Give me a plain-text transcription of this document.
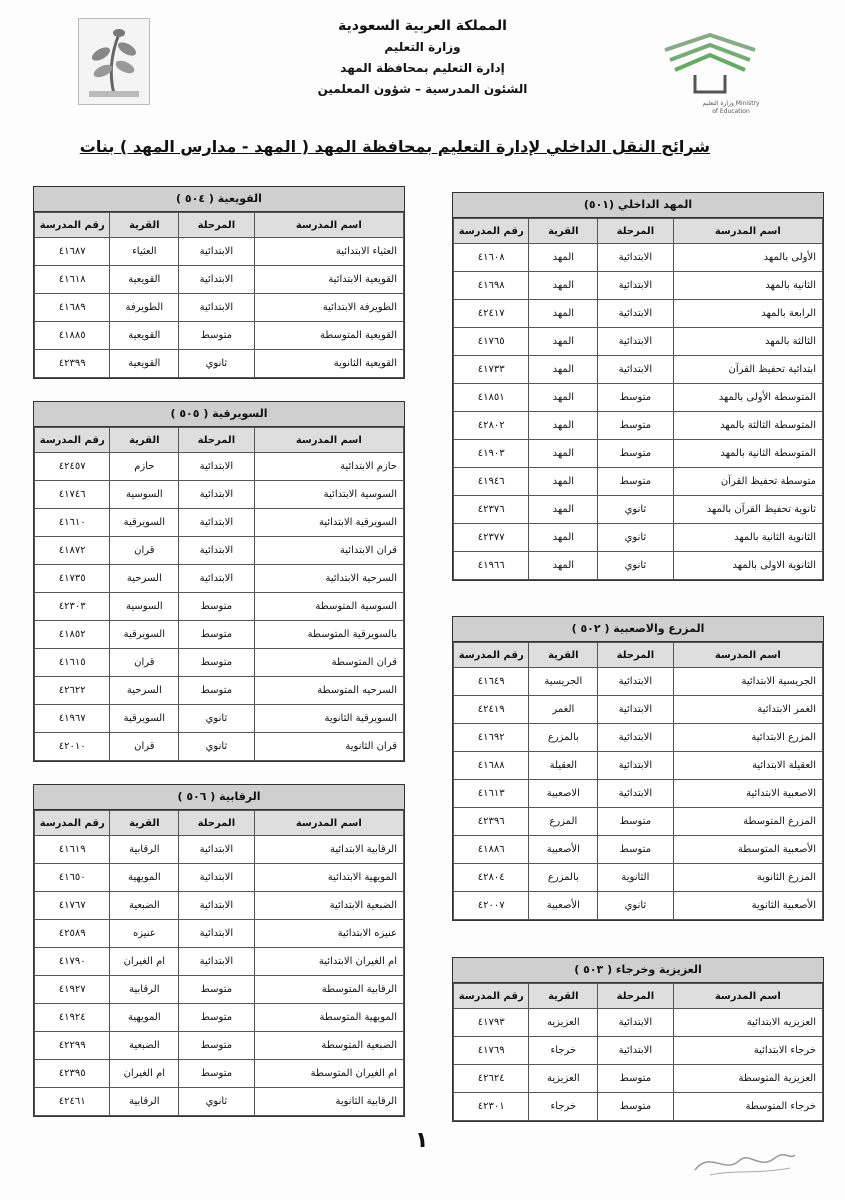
المملكة العربية السعودية
وزارة التعليم
إدارة التعليم بمحافظة المهد
الشئون المدرسية – شؤون المعلمين
وزارة التعليم Ministry of Education
شرائح النقل الداخلي لإدارة التعليم بمحافظة المهد ( المهد - مدارس المهد ) بنات
المهد الداخلي (٥٠١)
اسم المدرسة	المرحلة	القرية	رقم المدرسة
الأولى بالمهد	الابتدائية	المهد	٤١٦٠٨
الثانية بالمهد	الابتدائية	المهد	٤١٦٩٨
الرابعة بالمهد	الابتدائية	المهد	٤٢٤١٧
الثالثة بالمهد	الابتدائية	المهد	٤١٧٦٥
ابتدائية تحفيظ القرآن	الابتدائية	المهد	٤١٧٣٣
المتوسطة الأولى بالمهد	متوسط	المهد	٤١٨٥١
المتوسطة الثالثة بالمهد	متوسط	المهد	٤٢٨٠٢
المتوسطة الثانية بالمهد	متوسط	المهد	٤١٩٠٣
متوسطة تحفيظ القرآن	متوسط	المهد	٤١٩٤٦
ثانوية تحفيظ القرآن بالمهد	ثانوي	المهد	٤٢٣٧٦
الثانوية الثانية بالمهد	ثانوي	المهد	٤٢٣٧٧
الثانوية الاولى بالمهد	ثانوي	المهد	٤١٩٦٦
القويعية ( ٥٠٤ )
اسم المدرسة	المرحلة	القرية	رقم المدرسة
العثياء الابتدائية	الابتدائية	العثياء	٤١٦٨٧
القويعية الابتدائية	الابتدائية	القويعية	٤١٦١٨
الطويرفة الابتدائية	الابتدائية	الطويرفة	٤١٦٨٩
القويعية المتوسطة	متوسط	القويعية	٤١٨٨٥
القويعية الثانوية	ثانوي	القويعية	٤٢٣٩٩
السويرقية ( ٥٠٥ )
اسم المدرسة	المرحلة	القرية	رقم المدرسة
حازم الابتدائية	الابتدائية	حازم	٤٢٤٥٧
السوسية الابتدائية	الابتدائية	السوسية	٤١٧٤٦
السويرقية الابتدائية	الابتدائية	السويرقية	٤١٦١٠
قران الابتدائية	الابتدائية	قران	٤١٨٧٢
السرحية الابتدائية	الابتدائية	السرحية	٤١٧٣٥
السوسية المتوسطة	متوسط	السوسية	٤٢٣٠٣
بالسويرقية المتوسطة	متوسط	السويرقية	٤١٨٥٢
قران المتوسطة	متوسط	قران	٤١٦١٥
السرحيه المتوسطة	متوسط	السرحية	٤٢٦٢٢
السويرقية الثانوية	ثانوي	السويرقية	٤١٩٦٧
قران الثانوية	ثانوي	قران	٤٢٠١٠
المزرع والاصعبية ( ٥٠٢ )
اسم المدرسة	المرحلة	القرية	رقم المدرسة
الجريسية الابتدائية	الابتدائية	الجريسية	٤١٦٤٩
الغمر الابتدائية	الابتدائية	الغمر	٤٢٤١٩
المزرع الابتدائية	الابتدائية	بالمزرع	٤١٦٩٢
العقيلة الابتدائية	الابتدائية	العقيلة	٤١٦٨٨
الاصعبية الابتدائية	الابتدائية	الاصعبية	٤١٦١٣
المزرع المتوسطة	متوسط	المزرع	٤٢٣٩٦
الأصعبية المتوسطة	متوسط	الأصعبية	٤١٨٨٦
المزرع الثانوية	الثانوية	بالمزرع	٤٢٨٠٤
الأصعبية الثانوية	ثانوي	الأصعبية	٤٢٠٠٧
الرقابية ( ٥٠٦ )
اسم المدرسة	المرحلة	القرية	رقم المدرسة
الرقابية الابتدائية	الابتدائية	الرقابية	٤١٦١٩
المويهية الابتدائية	الابتدائية	المويهية	٤١٦٥٠
الضبعية الابتدائية	الابتدائية	الضبعية	٤١٧٦٧
عنيزه الابتدائية	الابتدائية	عنيزه	٤٢٥٨٩
ام الغيران الابتدائية	الابتدائية	ام الغيران	٤١٧٩٠
الرقابية المتوسطة	متوسط	الرقابية	٤١٩٢٧
المويهية المتوسطة	متوسط	المويهية	٤١٩٢٤
الضبعية المتوسطة	متوسط	الضبعية	٤٢٢٩٩
ام الغيران المتوسطة	متوسط	ام الغيران	٤٢٣٩٥
الرقابية الثانوية	ثانوي	الرقابية	٤٢٤٦١
العزيزية وخرجاء ( ٥٠٣ )
اسم المدرسة	المرحلة	القرية	رقم المدرسة
العزيزيه الابتدائية	الابتدائية	العزيزيه	٤١٧٩٣
خرجاء الابتدائية	الابتدائية	خرجاء	٤١٧٦٩
العزيزية المتوسطة	متوسط	العزيزية	٤٢٦٢٤
خرجاء المتوسطة	متوسط	خرجاء	٤٢٣٠١
١
